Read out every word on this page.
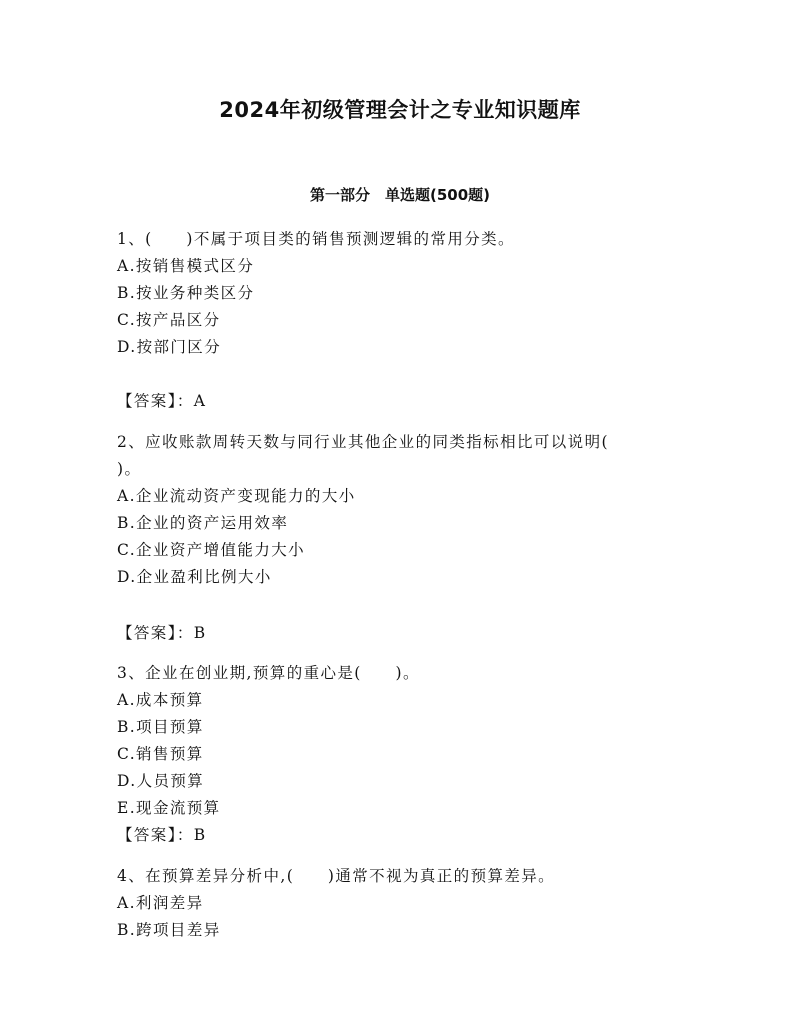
2024年初级管理会计之专业知识题库
第一部分　单选题(500题)
1、(　　)不属于项目类的销售预测逻辑的常用分类。
A.按销售模式区分
B.按业务种类区分
C.按产品区分
D.按部门区分
【答案】：A
2、应收账款周转天数与同行业其他企业的同类指标相比可以说明(
)。
A.企业流动资产变现能力的大小
B.企业的资产运用效率
C.企业资产增值能力大小
D.企业盈利比例大小
【答案】：B
3、企业在创业期,预算的重心是(　　)。
A.成本预算
B.项目预算
C.销售预算
D.人员预算
E.现金流预算
【答案】：B
4、在预算差异分析中,(　　)通常不视为真正的预算差异。
A.利润差异
B.跨项目差异
